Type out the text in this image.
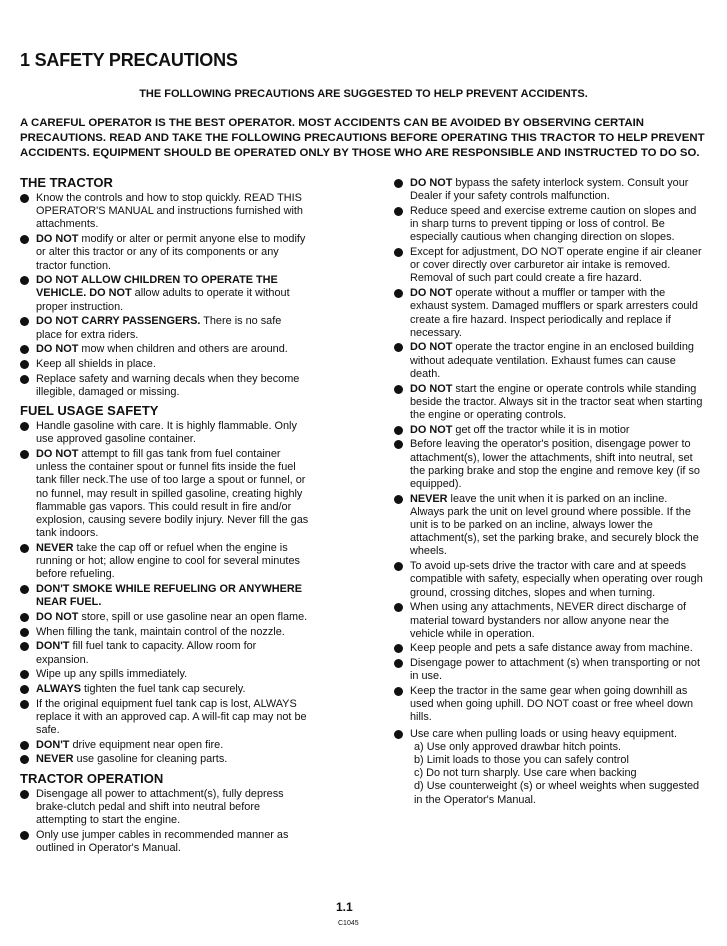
1 SAFETY PRECAUTIONS
THE FOLLOWING PRECAUTIONS ARE SUGGESTED TO HELP PREVENT ACCIDENTS.
A CAREFUL OPERATOR IS THE BEST OPERATOR. MOST ACCIDENTS CAN BE AVOIDED BY OBSERVING CERTAIN PRECAUTIONS. READ AND TAKE THE FOLLOWING PRECAUTIONS BEFORE OPERATING THIS TRACTOR TO HELP PREVENT ACCIDENTS. EQUIPMENT SHOULD BE OPERATED ONLY BY THOSE WHO ARE RESPONSIBLE AND INSTRUCTED TO DO SO.
THE TRACTOR
Know the controls and how to stop quickly. READ THIS OPERATOR'S MANUAL and instructions furnished with attachments.
DO NOT modify or alter or permit anyone else to modify or alter this tractor or any of its components or any tractor function.
DO NOT ALLOW CHILDREN TO OPERATE THE VEHICLE. DO NOT allow adults to operate it without proper instruction.
DO NOT CARRY PASSENGERS. There is no safe place for extra riders.
DO NOT mow when children and others are around.
Keep all shields in place.
Replace safety and warning decals when they become illegible, damaged or missing.
FUEL USAGE SAFETY
Handle gasoline with care. It is highly flammable. Only use approved gasoline container.
DO NOT attempt to fill gas tank from fuel container unless the container spout or funnel fits inside the fuel tank filler neck.The use of too large a spout or funnel, or no funnel, may result in spilled gasoline, creating highly flammable gas vapors. This could result in fire and/or explosion, causing severe bodily injury. Never fill the gas tank indoors.
NEVER take the cap off or refuel when the engine is running or hot; allow engine to cool for several minutes before refueling.
DON'T SMOKE WHILE REFUELING OR ANYWHERE NEAR FUEL.
DO NOT store, spill or use gasoline near an open flame.
When filling the tank, maintain control of the nozzle.
DON'T fill fuel tank to capacity. Allow room for expansion.
Wipe up any spills immediately.
ALWAYS tighten the fuel tank cap securely.
If the original equipment fuel tank cap is lost, ALWAYS replace it with an approved cap. A will-fit cap may not be safe.
DON'T drive equipment near open fire.
NEVER use gasoline for cleaning parts.
TRACTOR OPERATION
Disengage all power to attachment(s), fully depress brake-clutch pedal and shift into neutral before attempting to start the engine.
Only use jumper cables in recommended manner as outlined in Operator's Manual.
DO NOT bypass the safety interlock system. Consult your Dealer if your safety controls malfunction.
Reduce speed and exercise extreme caution on slopes and in sharp turns to prevent tipping or loss of control. Be especially cautious when changing direction on slopes.
Except for adjustment, DO NOT operate engine if air cleaner or cover directly over carburetor air intake is removed. Removal of such part could create a fire hazard.
DO NOT operate without a muffler or tamper with the exhaust system. Damaged mufflers or spark arresters could create a fire hazard. Inspect periodically and replace if necessary.
DO NOT operate the tractor engine in an enclosed building without adequate ventilation. Exhaust fumes can cause death.
DO NOT start the engine or operate controls while standing beside the tractor. Always sit in the tractor seat when starting the engine or operating controls.
DO NOT get off the tractor while it is in motior
Before leaving the operator's position, disengage power to attachment(s), lower the attachments, shift into neutral, set the parking brake and stop the engine and remove key (if so equipped).
NEVER leave the unit when it is parked on an incline. Always park the unit on level ground where possible. If the unit is to be parked on an incline, always lower the attachment(s), set the parking brake, and securely block the wheels.
To avoid up-sets drive the tractor with care and at speeds compatible with safety, especially when operating over rough ground, crossing ditches, slopes and when turning.
When using any attachments, NEVER direct discharge of material toward bystanders nor allow anyone near the vehicle while in operation.
Keep people and pets a safe distance away from machine.
Disengage power to attachment (s) when transporting or not in use.
Keep the tractor in the same gear when going downhill as used when going uphill. DO NOT coast or free wheel down hills.
Use care when pulling loads or using heavy equipment.
a) Use only approved drawbar hitch points.
b) Limit loads to those you can safely control
c) Do not turn sharply. Use care when backing
d) Use counterweight (s) or wheel weights when suggested in the Operator's Manual.
1.1
C1045
